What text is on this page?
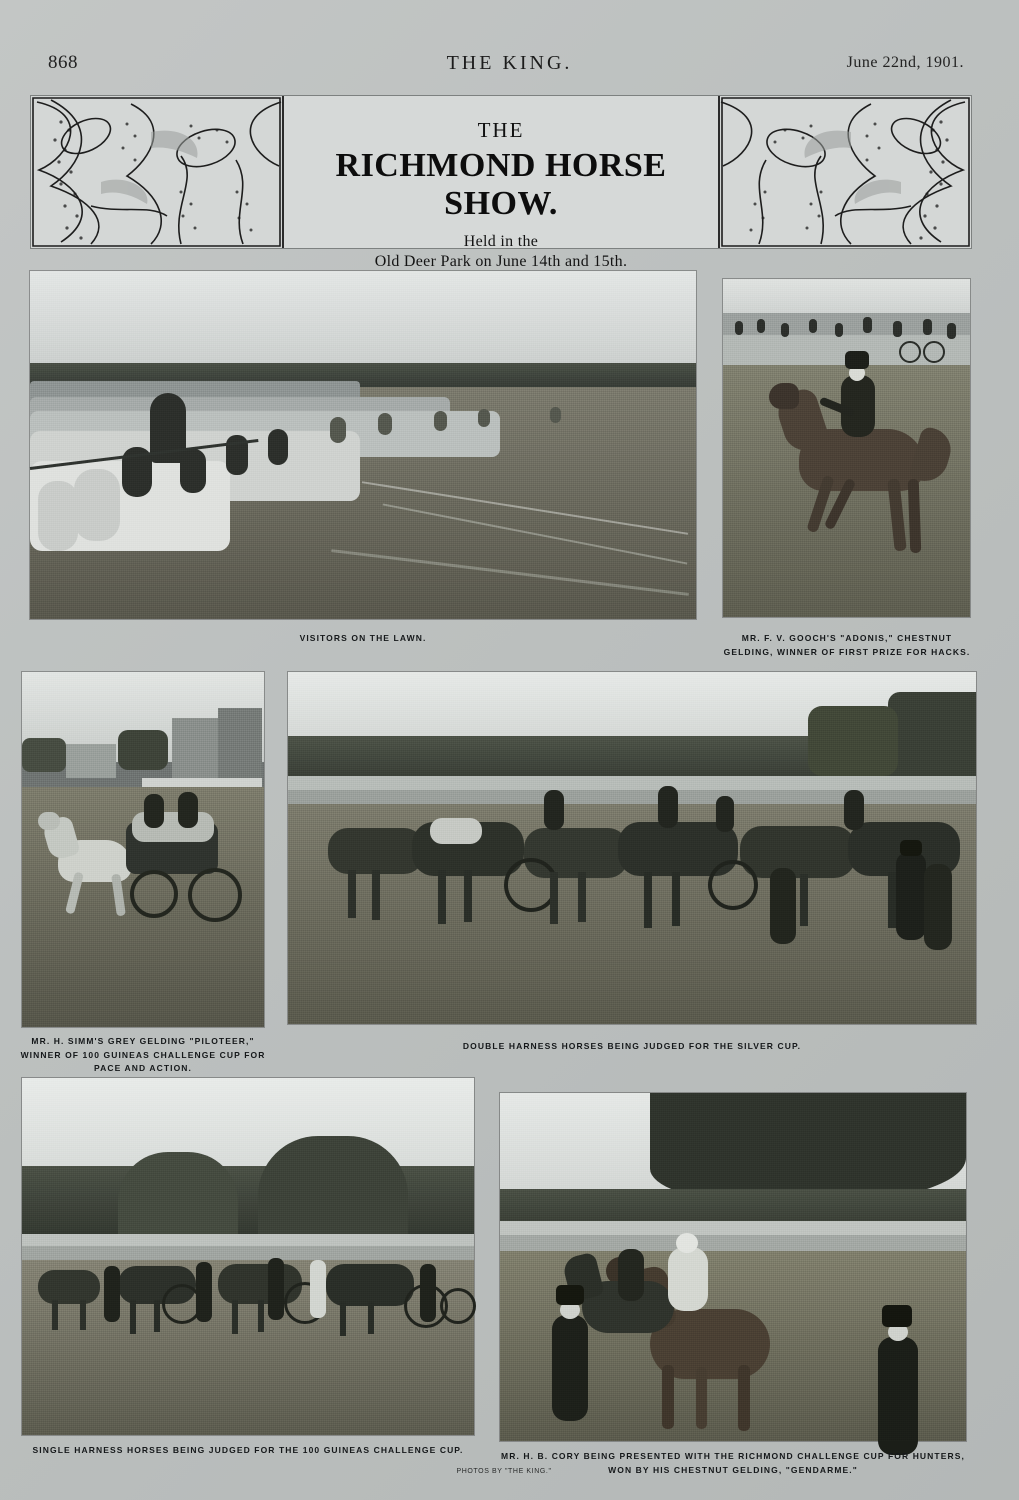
868	THE KING.	June 22nd, 1901.
THE
RICHMOND HORSE SHOW.
Held in the
Old Deer Park on June 14th and 15th.
VISITORS ON THE LAWN.	MR. F. V. GOOCH'S "ADONIS," CHESTNUT GELDING, WINNER OF FIRST PRIZE FOR HACKS.
MR. H. SIMM'S GREY GELDING "PILOTEER," WINNER OF 100 GUINEAS CHALLENGE CUP FOR PACE AND ACTION.
DOUBLE HARNESS HORSES BEING JUDGED FOR THE SILVER CUP.
SINGLE HARNESS HORSES BEING JUDGED FOR THE 100 GUINEAS CHALLENGE CUP.
MR. H. B. CORY BEING PRESENTED WITH THE RICHMOND CHALLENGE CUP FOR HUNTERS, WON BY HIS CHESTNUT GELDING, "GENDARME."
PHOTOS BY "THE KING."
